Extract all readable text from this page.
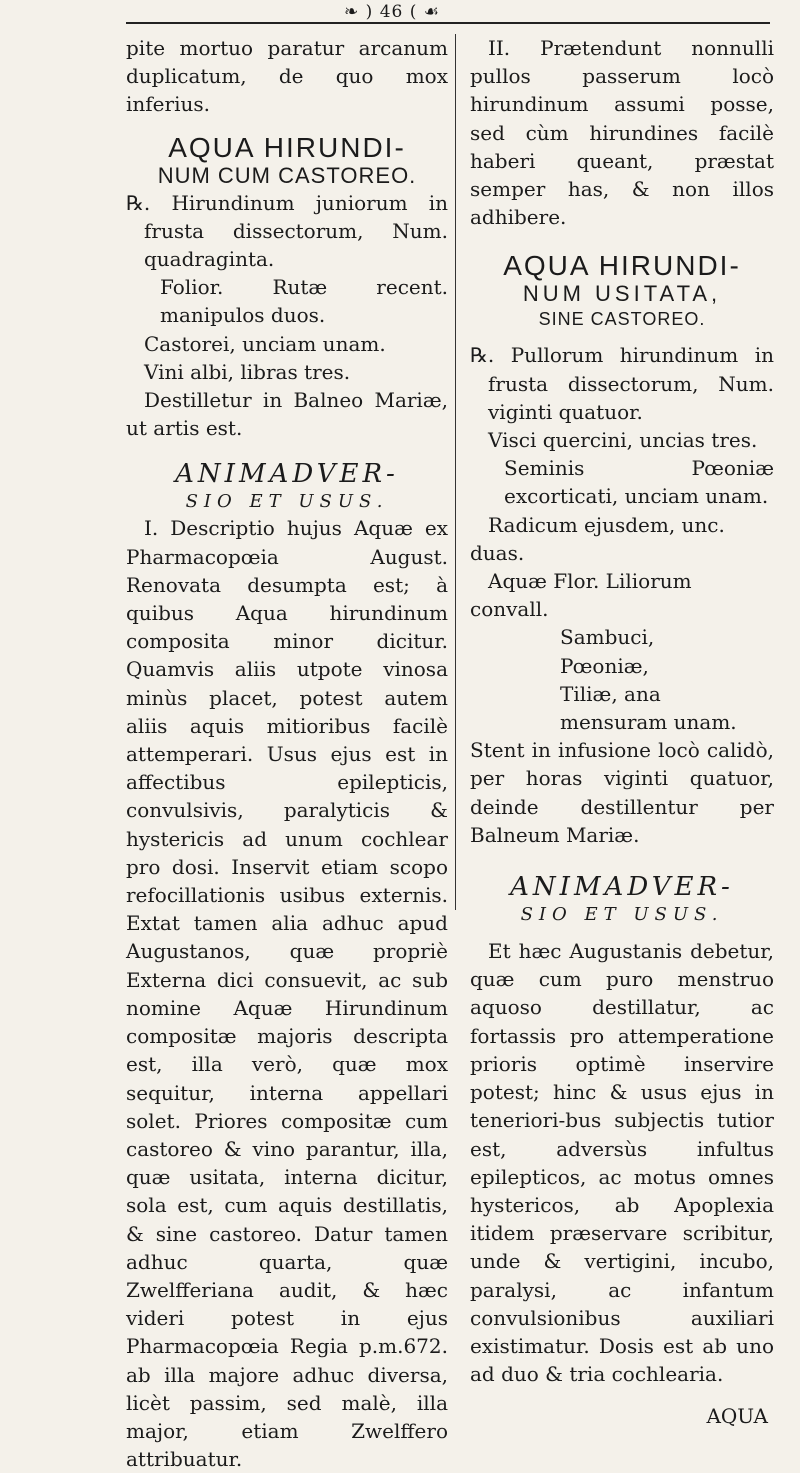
❧ ) 46 ( ☙

pite mortuo paratur arcanum duplicatum, de quo mox inferius.

AQUA HIRUNDI-

NUM CUM CASTOREO.

℞. Hirundinum juniorum in frusta dissectorum, Num. quadraginta.

Folior. Rutæ recent. manipulos duos.

Castorei, unciam unam.

Vini albi, libras tres.

Destilletur in Balneo Mariæ, ut artis est.

ANIMADVER-

SIO ET USUS.

I. Descriptio hujus Aquæ ex Pharmacopœia August. Renovata desumpta est; à quibus Aqua hirundinum composita minor dicitur. Quamvis aliis utpote vinosa minùs placet, potest autem aliis aquis mitioribus facilè attemperari. Usus ejus est in affectibus epilepticis, convulsivis, paralyticis & hystericis ad unum cochlear pro dosi. Inservit etiam scopo refocillationis usibus externis. Extat tamen alia adhuc apud Augustanos, quæ propriè Externa dici consuevit, ac sub nomine Aquæ Hirundinum compositæ majoris descripta est, illa verò, quæ mox sequitur, interna appellari solet. Priores compositæ cum castoreo & vino parantur, illa, quæ usitata, interna dicitur, sola est, cum aquis destillatis, & sine castoreo. Datur tamen adhuc quarta, quæ Zwelfferiana audit, & hæc videri potest in ejus Pharmacopœia Regia p.m.672. ab illa majore adhuc diversa, licèt passim, sed malè, illa major, etiam Zwelffero attribuatur.

II. Prætendunt nonnulli pullos passerum locò hirundinum assumi posse, sed cùm hirundines facilè haberi queant, præstat semper has, & non illos adhibere.

AQUA HIRUNDI-

NUM USITATA,

SINE CASTOREO.

℞. Pullorum hirundinum in frusta dissectorum, Num. viginti quatuor.

Visci quercini, uncias tres.

Seminis Pœoniæ excorticati, unciam unam.

Radicum ejusdem, unc. duas.

Aquæ Flor. Liliorum convall.

Sambuci,

Pœoniæ,

Tiliæ, ana mensuram unam.

Stent in infusione locò calidò, per horas viginti quatuor, deinde destillentur per Balneum Mariæ.

ANIMADVER-

SIO ET USUS.

Et hæc Augustanis debetur, quæ cum puro menstruo aquoso destillatur, ac fortassis pro attemperatione prioris optimè inservire potest; hinc & usus ejus in teneriori-bus subjectis tutior est, adversùs infultus epilepticos, ac motus omnes hystericos, ab Apoplexia itidem præservare scribitur, unde & vertigini, incubo, paralysi, ac infantum convulsionibus auxiliari existimatur. Dosis est ab uno ad duo & tria cochlearia.

AQUA
